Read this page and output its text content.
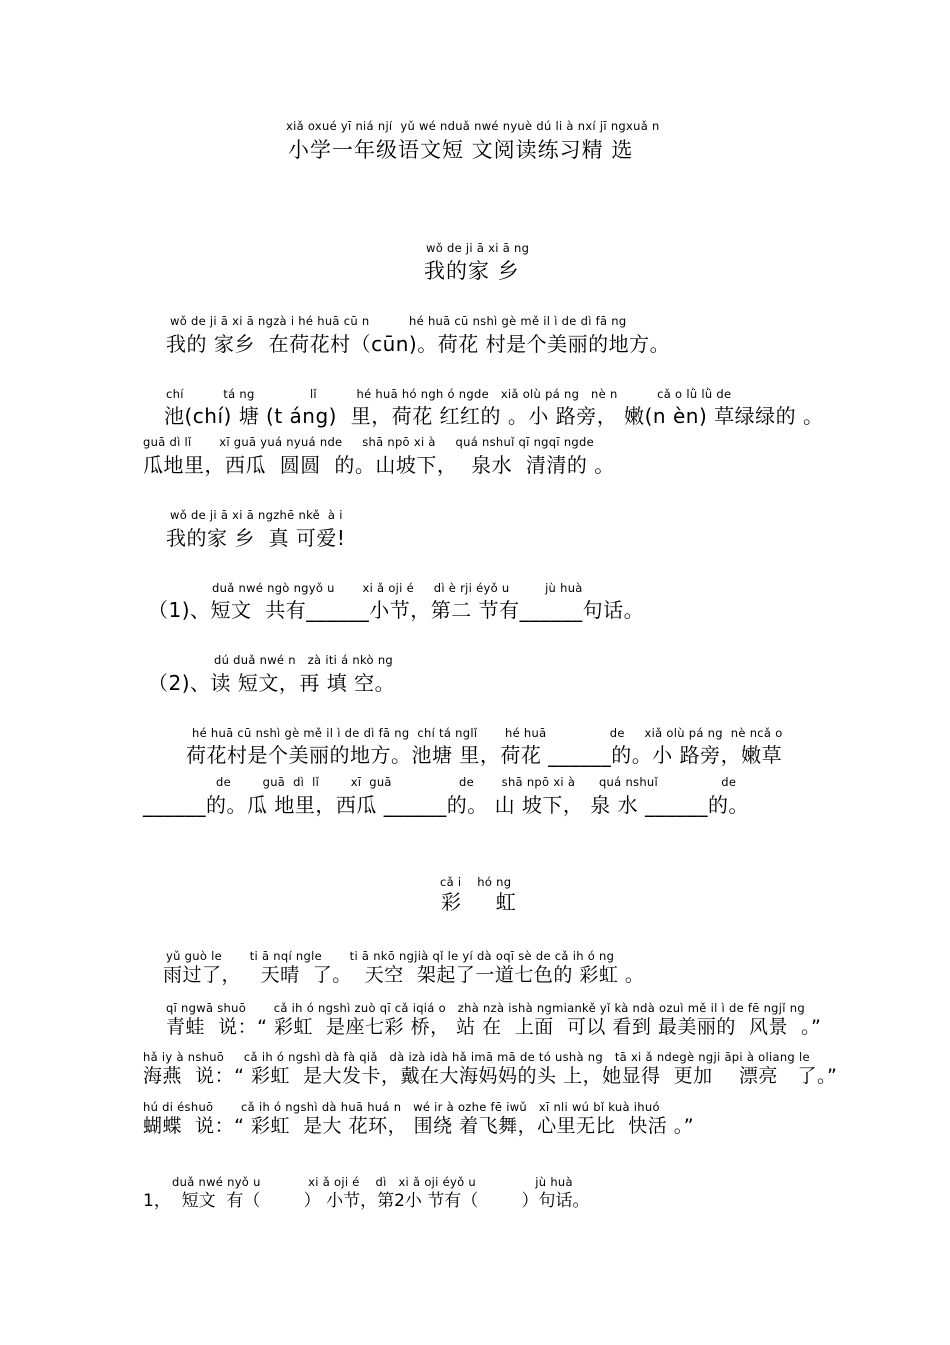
xiǎ oxué yī niá njí  yǔ wé nduǎ nwé nyuè dú li à nxí jī ngxuǎ n
小学一年级语文短 文阅读练习精 选
wǒ de ji ā xi ā ng
我的家 乡
wǒ de ji ā xi ā ngzà i hé huā cū n          hé huā cū nshì gè mě il ì de dì fā ng
我的 家乡  在荷花村（cūn)。荷花 村是个美丽的地方。
chí          tá ng              lǐ          hé huā hó ngh ó ngde   xiǎ olù pá ng   nè n          cǎ o lǜ lǜ de
池(chí) 塘 (t áng)  里，荷花 红红的 。小 路旁， 嫩(n èn) 草绿绿的 。
guā dì lǐ       xī guā yuá nyuá nde     shā npō xi à     quá nshuǐ qī ngqī ngde
瓜地里，西瓜  圆圆  的。山坡下，  泉水  清清的 。
wǒ de ji ā xi ā ngzhē nkě  à i
我的家 乡  真 可爱!
duǎ nwé ngò ngyǒ u       xi ǎ oji é     dì è rji éyǒ u         jù huà
（1)、短文  共有______小节，第二 节有______句话。
dú duǎ nwé n   zà iti á nkò ng
（2)、读 短文，再 填 空。
hé huā cū nshì gè mě il ì de dì fā ng  chí tá nglǐ       hé huā                de     xiǎ olù pá ng  nè ncǎ o
荷花村是个美丽的地方。池塘 里，荷花 ______的。小 路旁，嫩草
de        guā  dì  lǐ        xī  guā                 de       shā npō xi à      quá nshuǐ                de
______的。瓜 地里，西瓜 ______的。 山 坡下， 泉 水 ______的。
cǎ i    hó ng
彩     虹
yǔ guò le       ti ā nqí ngle       ti ā nkō ngjià qǐ le yí dà oqī sè de cǎ ih ó ng
雨过了，   天晴  了。  天空  架起了一道七色的 彩虹 。
qī ngwā shuō       cǎ ih ó ngshì zuò qī cǎ iqiá o   zhà nzà ishà ngmiankě yǐ kà ndà ozuì mě il ì de fē ngjǐ ng
青蛙  说：“ 彩虹  是座七彩 桥， 站 在  上面  可以 看到 最美丽的  风景  。”
hǎ iy à nshuō     cǎ ih ó ngshì dà fà qiǎ   dà izà idà hǎ imā mā de tó ushà ng   tā xi ǎ ndegè ngji āpi à oliang le
海燕  说：“ 彩虹  是大发卡，戴在大海妈妈的头 上，她显得  更加    漂亮   了。”
hú di éshuō       cǎ ih ó ngshì dà huā huá n   wé ir à ozhe fē iwǔ   xī nli wú bǐ kuà ihuó
蝴蝶  说：“ 彩虹  是大 花环， 围绕 着飞舞，心里无比  快活 。”
duǎ nwé nyǒ u            xi ǎ oji é    dì   xi ǎ oji éyǒ u               jù huà
1，  短文  有（        ） 小节，第2小 节有（        ）句话。
